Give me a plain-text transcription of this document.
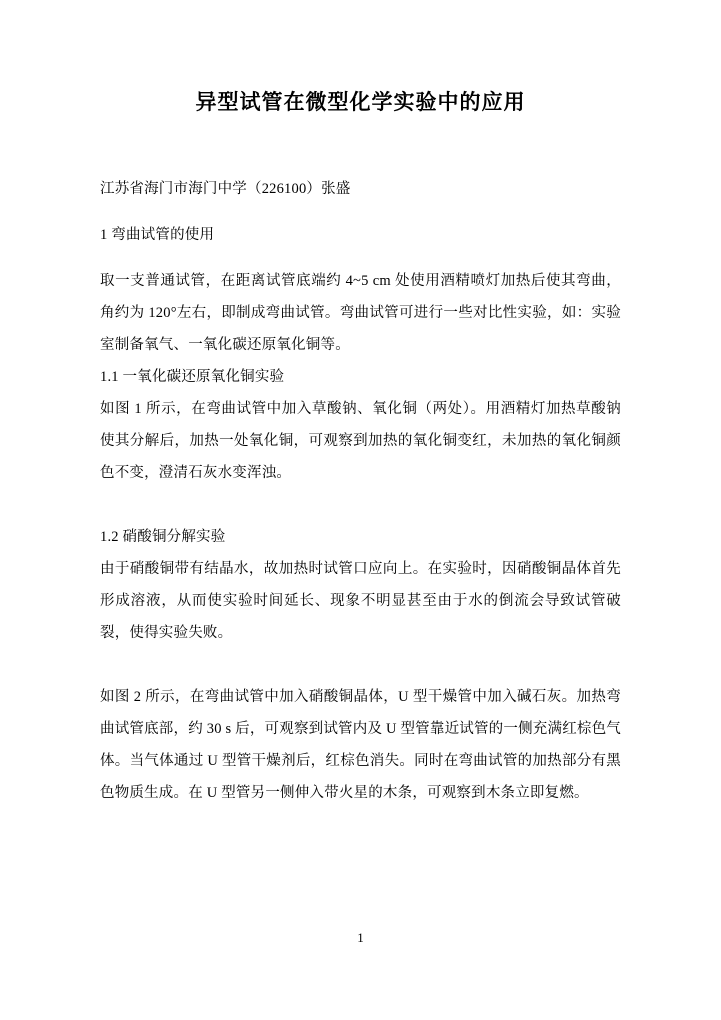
异型试管在微型化学实验中的应用

江苏省海门市海门中学（226100）张盛

1 弯曲试管的使用

取一支普通试管，在距离试管底端约 4~5 cm 处使用酒精喷灯加热后使其弯曲，角约为 120°左右，即制成弯曲试管。弯曲试管可进行一些对比性实验，如：实验室制备氧气、一氧化碳还原氧化铜等。

1.1 一氧化碳还原氧化铜实验

如图 1 所示，在弯曲试管中加入草酸钠、氧化铜（两处）。用酒精灯加热草酸钠使其分解后，加热一处氧化铜，可观察到加热的氧化铜变红，未加热的氧化铜颜色不变，澄清石灰水变浑浊。

1.2 硝酸铜分解实验

由于硝酸铜带有结晶水，故加热时试管口应向上。在实验时，因硝酸铜晶体首先形成溶液，从而使实验时间延长、现象不明显甚至由于水的倒流会导致试管破裂，使得实验失败。

如图 2 所示，在弯曲试管中加入硝酸铜晶体，U 型干燥管中加入碱石灰。加热弯曲试管底部，约 30 s 后，可观察到试管内及 U 型管靠近试管的一侧充满红棕色气体。当气体通过 U 型管干燥剂后，红棕色消失。同时在弯曲试管的加热部分有黑色物质生成。在 U 型管另一侧伸入带火星的木条，可观察到木条立即复燃。

1
